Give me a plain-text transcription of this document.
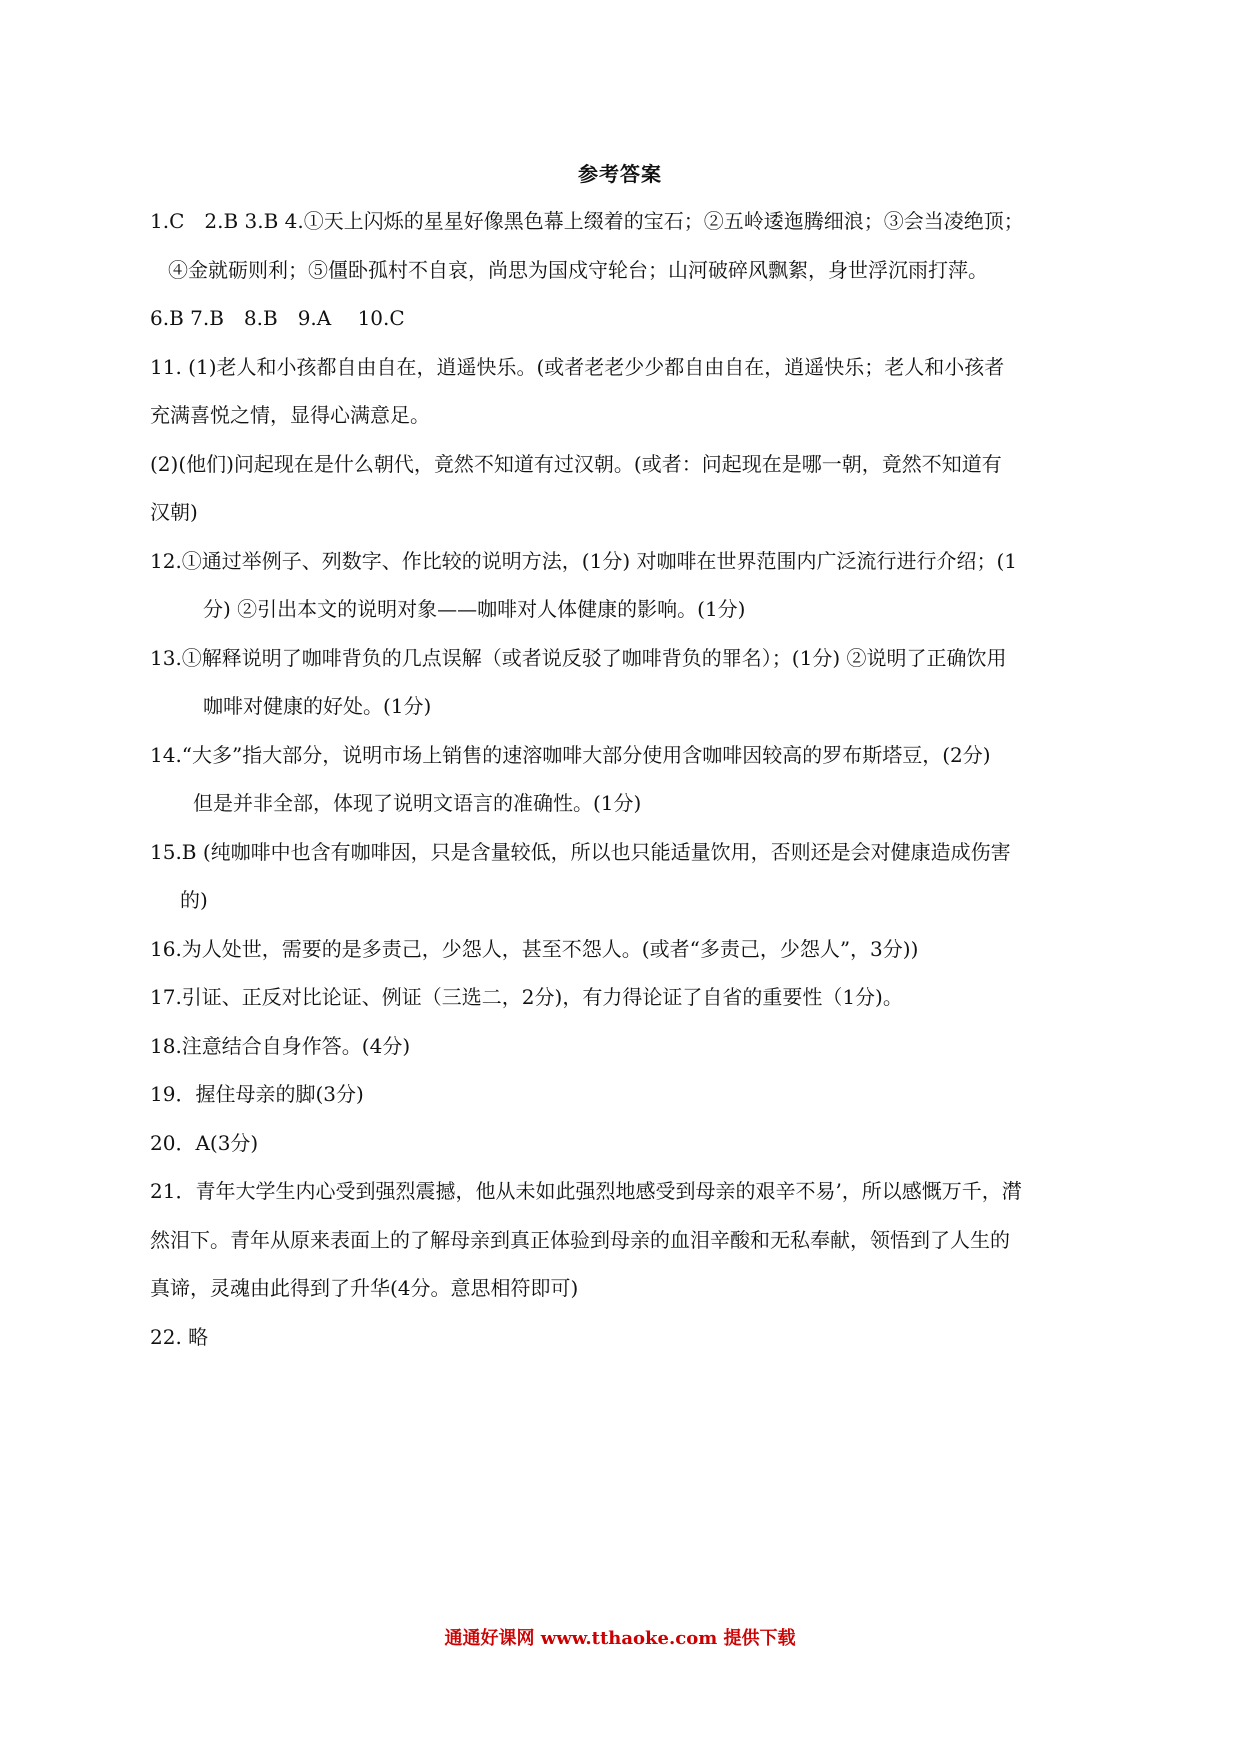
参考答案
1.C　2.B 3.B 4.①天上闪烁的星星好像黑色幕上缀着的宝石；②五岭逶迤腾细浪；③会当凌绝顶；
④金就砺则利；⑤僵卧孤村不自哀，尚思为国戍守轮台；山河破碎风飘絮，身世浮沉雨打萍。
6.B 7.B　8.B　9.A　 10.C
11. (1)老人和小孩都自由自在，逍遥快乐。(或者老老少少都自由自在，逍遥快乐；老人和小孩者
充满喜悦之情，显得心满意足。
(2)(他们)问起现在是什么朝代，竟然不知道有过汉朝。(或者：问起现在是哪一朝，竟然不知道有
汉朝)
12.①通过举例子、列数字、作比较的说明方法，(1分) 对咖啡在世界范围内广泛流行进行介绍；(1
分) ②引出本文的说明对象——咖啡对人体健康的影响。(1分)
13.①解释说明了咖啡背负的几点误解（或者说反驳了咖啡背负的罪名）；(1分) ②说明了正确饮用
咖啡对健康的好处。(1分)
14.“大多”指大部分，说明市场上销售的速溶咖啡大部分使用含咖啡因较高的罗布斯塔豆，(2分)
但是并非全部，体现了说明文语言的准确性。(1分)
15.B (纯咖啡中也含有咖啡因，只是含量较低，所以也只能适量饮用，否则还是会对健康造成伤害
的)
16.为人处世，需要的是多责己，少怨人，甚至不怨人。(或者“多责己，少怨人”，3分))
17.引证、正反对比论证、例证（三选二，2分)，有力得论证了自省的重要性（1分)。
18.注意结合自身作答。(4分)
19．握住母亲的脚(3分)
20．A(3分)
21．青年大学生内心受到强烈震撼，他从未如此强烈地感受到母亲的艰辛不易’，所以感慨万千，潸
然泪下。青年从原来表面上的了解母亲到真正体验到母亲的血泪辛酸和无私奉献，领悟到了人生的
真谛，灵魂由此得到了升华(4分。意思相符即可)
22. 略
通通好课网 www.tthaoke.com 提供下载
